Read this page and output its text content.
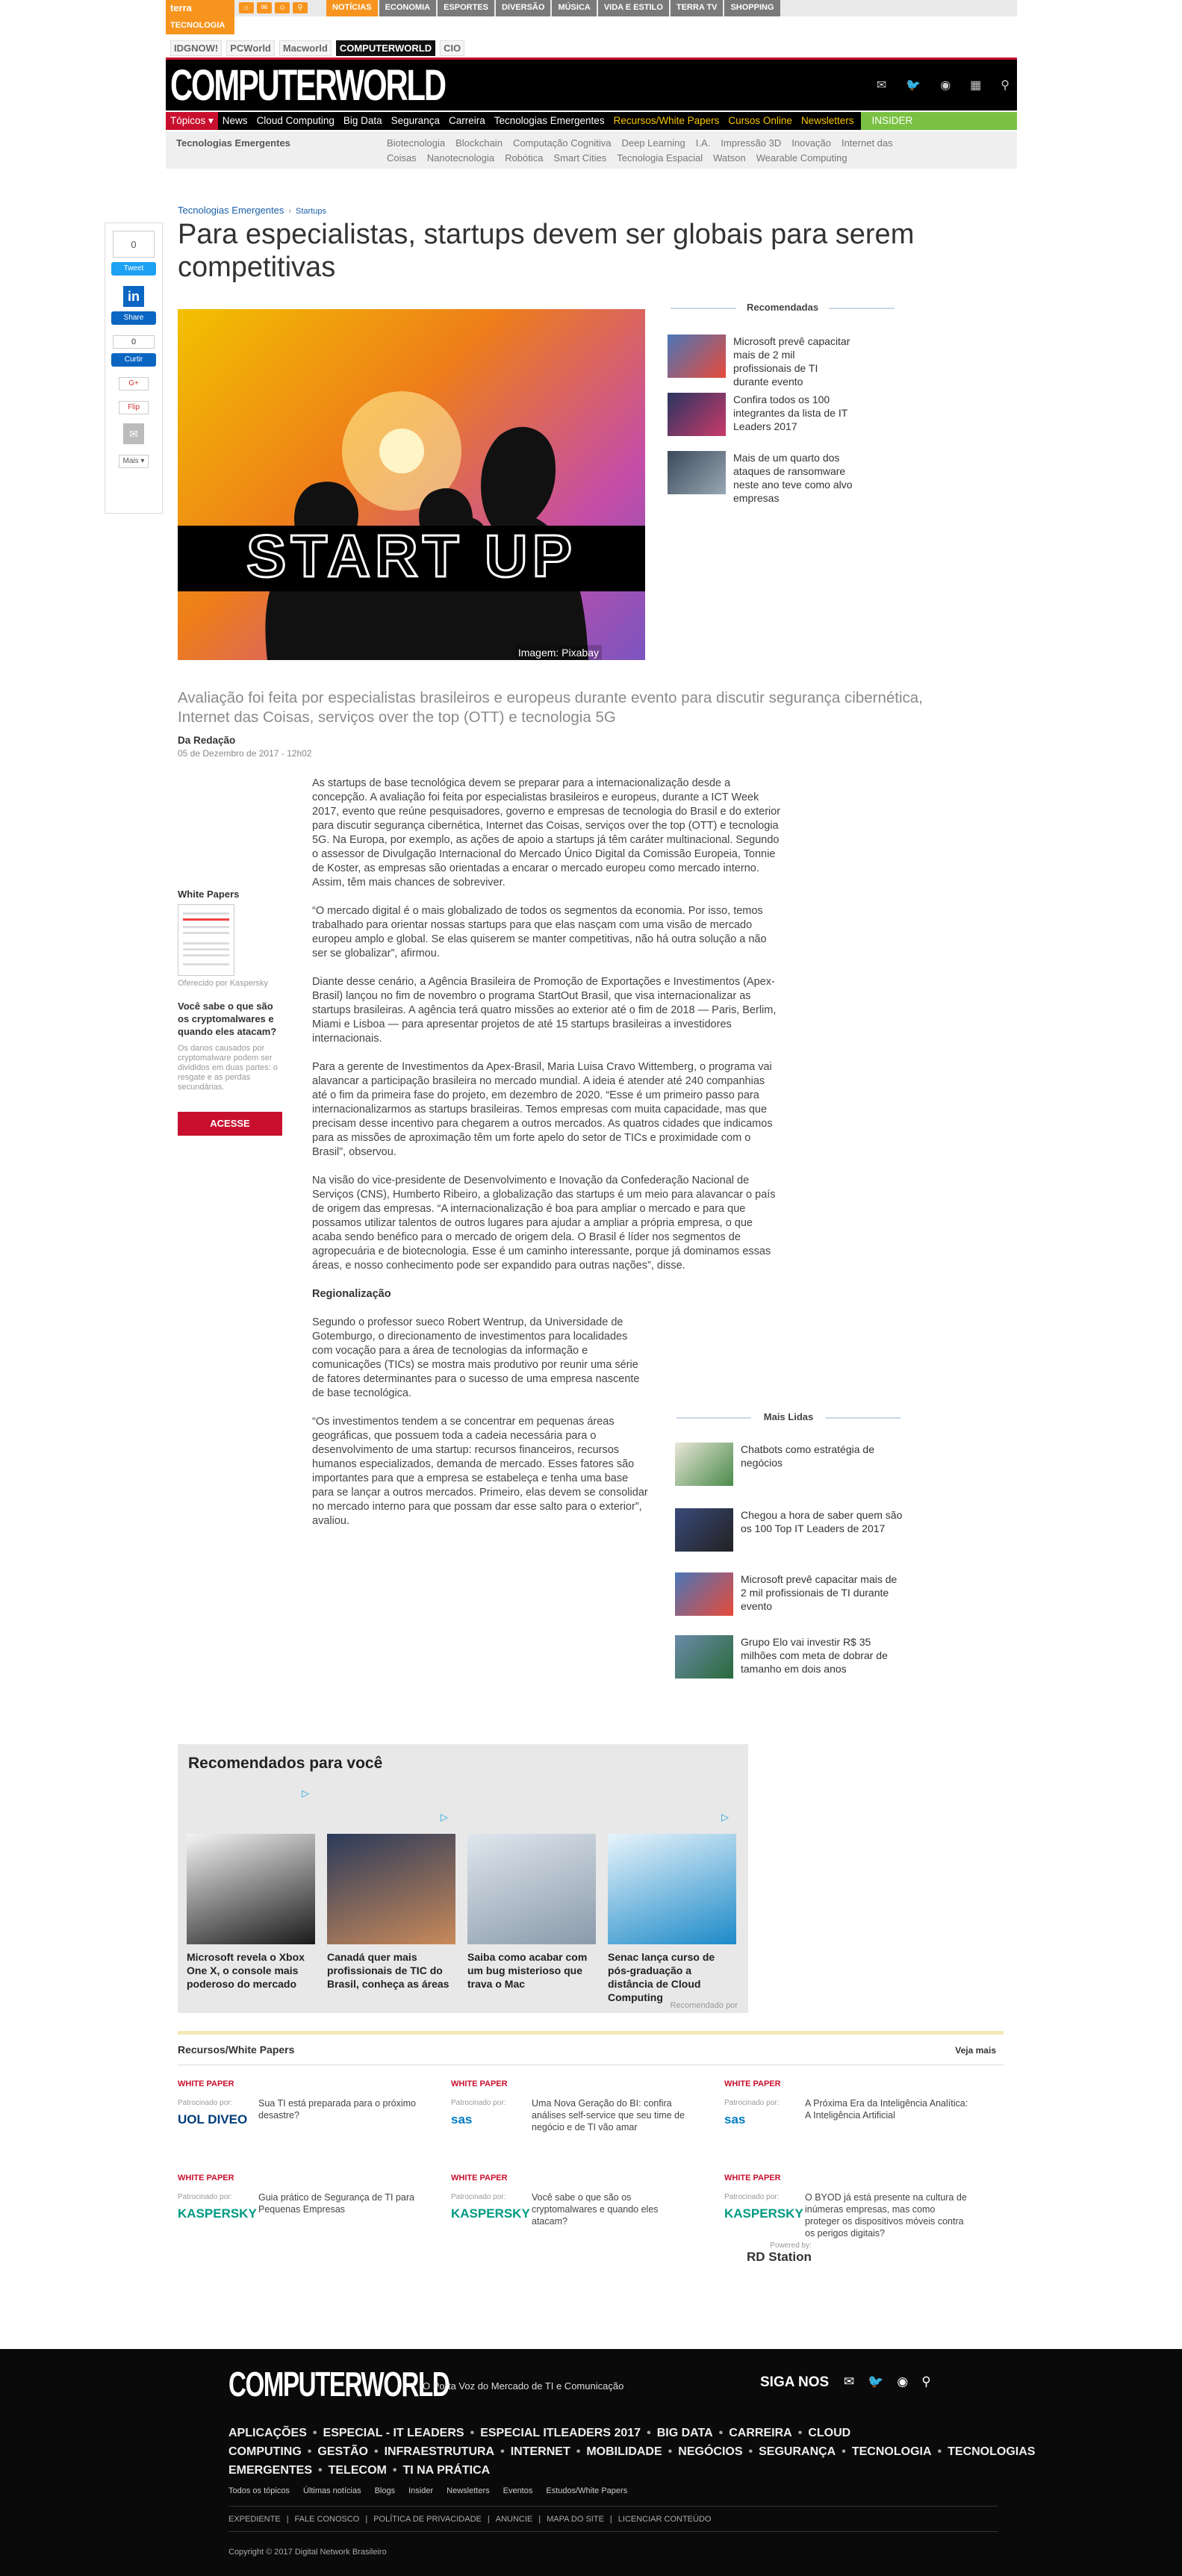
terra	⌂	✉	☺	⚲	NOTÍCIAS	ECONOMIA	ESPORTES	DIVERSÃO	MÚSICA	VIDA E ESTILO	TERRA TV	SHOPPING
TECNOLOGIA
IDGNOW!	PCWorld	Macworld	COMPUTERWORLD	CIO
COMPUTERWORLD	✉ 🐦 ◉ ▦ ⚲
Tópicos ▾ News Cloud Computing Big Data Segurança Carreira Tecnologias Emergentes Recursos/White Papers Cursos Online Newsletters	INSIDER
Tecnologias Emergentes	Biotecnologia Blockchain Computação Cognitiva Deep Learning I.A. Impressão 3D Inovação Internet das Coisas Nanotecnologia Robótica Smart Cities Tecnologia Espacial Watson Wearable Computing
0
Tweet
in
Share
0
Curtir
G+
Flip
✉
Mais ▾
Tecnologias Emergentes › Startups
Para especialistas, startups devem ser globais para serem competitivas
START UP
Imagem: Pixabay
Recomendadas
Microsoft prevê capacitar mais de 2 mil profissionais de TI durante evento
Confira todos os 100 integrantes da lista de IT Leaders 2017
Mais de um quarto dos ataques de ransomware neste ano teve como alvo empresas
Avaliação foi feita por especialistas brasileiros e europeus durante evento para discutir segurança cibernética, Internet das Coisas, serviços over the top (OTT) e tecnologia 5G
Da Redação
05 de Dezembro de 2017 - 12h02
White Papers
Oferecido por Kaspersky
Você sabe o que são os cryptomalwares e quando eles atacam?
Os danos causados por cryptomalware podem ser divididos em duas partes: o resgate e as perdas secundárias.
ACESSE

As startups de base tecnológica devem se preparar para a internacionalização desde a concepção. A avaliação foi feita por especialistas brasileiros e europeus, durante a ICT Week 2017, evento que reúne pesquisadores, governo e empresas de tecnologia do Brasil e do exterior para discutir segurança cibernética, Internet das Coisas, serviços over the top (OTT) e tecnologia 5G. Na Europa, por exemplo, as ações de apoio a startups já têm caráter multinacional. Segundo o assessor de Divulgação Internacional do Mercado Único Digital da Comissão Europeia, Tonnie de Koster, as empresas são orientadas a encarar o mercado europeu como mercado interno. Assim, têm mais chances de sobreviver.

“O mercado digital é o mais globalizado de todos os segmentos da economia. Por isso, temos trabalhado para orientar nossas startups para que elas nasçam com uma visão de mercado europeu amplo e global. Se elas quiserem se manter competitivas, não há outra solução a não ser se globalizar”, afirmou.

Diante desse cenário, a Agência Brasileira de Promoção de Exportações e Investimentos (Apex-Brasil) lançou no fim de novembro o programa StartOut Brasil, que visa internacionalizar as startups brasileiras. A agência terá quatro missões ao exterior até o fim de 2018 — Paris, Berlim, Miami e Lisboa — para apresentar projetos de até 15 startups brasileiras a investidores internacionais.

Para a gerente de Investimentos da Apex-Brasil, Maria Luisa Cravo Wittemberg, o programa vai alavancar a participação brasileira no mercado mundial. A ideia é atender até 240 companhias até o fim da primeira fase do projeto, em dezembro de 2020. “Esse é um primeiro passo para internacionalizarmos as startups brasileiras. Temos empresas com muita capacidade, mas que precisam desse incentivo para chegarem a outros mercados. As quatros cidades que indicamos para as missões de aproximação têm um forte apelo do setor de TICs e proximidade com o Brasil”, observou.

Na visão do vice-presidente de Desenvolvimento e Inovação da Confederação Nacional de Serviços (CNS), Humberto Ribeiro, a globalização das startups é um meio para alavancar o país de origem das empresas. “A internacionalização é boa para ampliar o mercado e para que possamos utilizar talentos de outros lugares para ajudar a ampliar a própria empresa, o que acaba sendo benéfico para o mercado de origem dela. O Brasil é líder nos segmentos de agropecuária e de biotecnologia. Esse é um caminho interessante, porque já dominamos essas áreas, e nosso conhecimento pode ser expandido para outras nações”, disse.

Regionalização

Segundo o professor sueco Robert Wentrup, da Universidade de Gotemburgo, o direcionamento de investimentos para localidades com vocação para a área de tecnologias da informação e comunicações (TICs) se mostra mais produtivo por reunir uma série de fatores determinantes para o sucesso de uma empresa nascente de base tecnológica.

“Os investimentos tendem a se concentrar em pequenas áreas geográficas, que possuem toda a cadeia necessária para o desenvolvimento de uma startup: recursos financeiros, recursos humanos especializados, demanda de mercado. Esses fatores são importantes para que a empresa se estabeleça e tenha uma base para se lançar a outros mercados. Primeiro, elas devem se consolidar no mercado interno para que possam dar esse salto para o exterior”, avaliou.

Mais Lidas
Chatbots como estratégia de negócios
Chegou a hora de saber quem são os 100 Top IT Leaders de 2017
Microsoft prevê capacitar mais de 2 mil profissionais de TI durante evento
Grupo Elo vai investir R$ 35 milhões com meta de dobrar de tamanho em dois anos
Recomendados para você
▷
▷	▷
Microsoft revela o Xbox One X, o console mais poderoso do mercado
Canadá quer mais profissionais de TIC do Brasil, conheça as áreas
Saiba como acabar com um bug misterioso que trava o Mac
Senac lança curso de pós-graduação a distância de Cloud Computing
Recomendado por
Recursos/White Papers	Veja mais
WHITE PAPER
Patrocinado por:
UOL DIVEO
Sua TI está preparada para o próximo desastre?
WHITE PAPER
Patrocinado por:
sas
Uma Nova Geração do BI: confira análises self-service que seu time de negócio e de TI vão amar
WHITE PAPER
Patrocinado por:
sas
A Próxima Era da Inteligência Analítica: A Inteligência Artificial
WHITE PAPER
Patrocinado por:
KASPERSKY
Guia prático de Segurança de TI para Pequenas Empresas
WHITE PAPER
Patrocinado por:
KASPERSKY
Você sabe o que são os cryptomalwares e quando eles atacam?
WHITE PAPER
Patrocinado por:
KASPERSKY
O BYOD já está presente na cultura de inúmeras empresas, mas como proteger os dispositivos móveis contra os perigos digitais?
Powered by:
RD Station
COMPUTERWORLD
O Porta Voz do Mercado de TI e Comunicação	SIGA NOS ✉ 🐦 ◉ ⚲
APLICAÇÕES • ESPECIAL - IT LEADERS • ESPECIAL ITLEADERS 2017 • BIG DATA • CARREIRA • CLOUD COMPUTING • GESTÃO • INFRAESTRUTURA • INTERNET • MOBILIDADE • NEGÓCIOS • SEGURANÇA • TECNOLOGIA • TECNOLOGIAS EMERGENTES • TELECOM • TI NA PRÁTICA
Todos os tópicos Últimas notícias Blogs Insider Newsletters Eventos Estudos/White Papers
EXPEDIENTE | FALE CONOSCO | POLÍTICA DE PRIVACIDADE | ANUNCIE | MAPA DO SITE | LICENCIAR CONTEÚDO
Copyright © 2017 Digital Network Brasileiro
